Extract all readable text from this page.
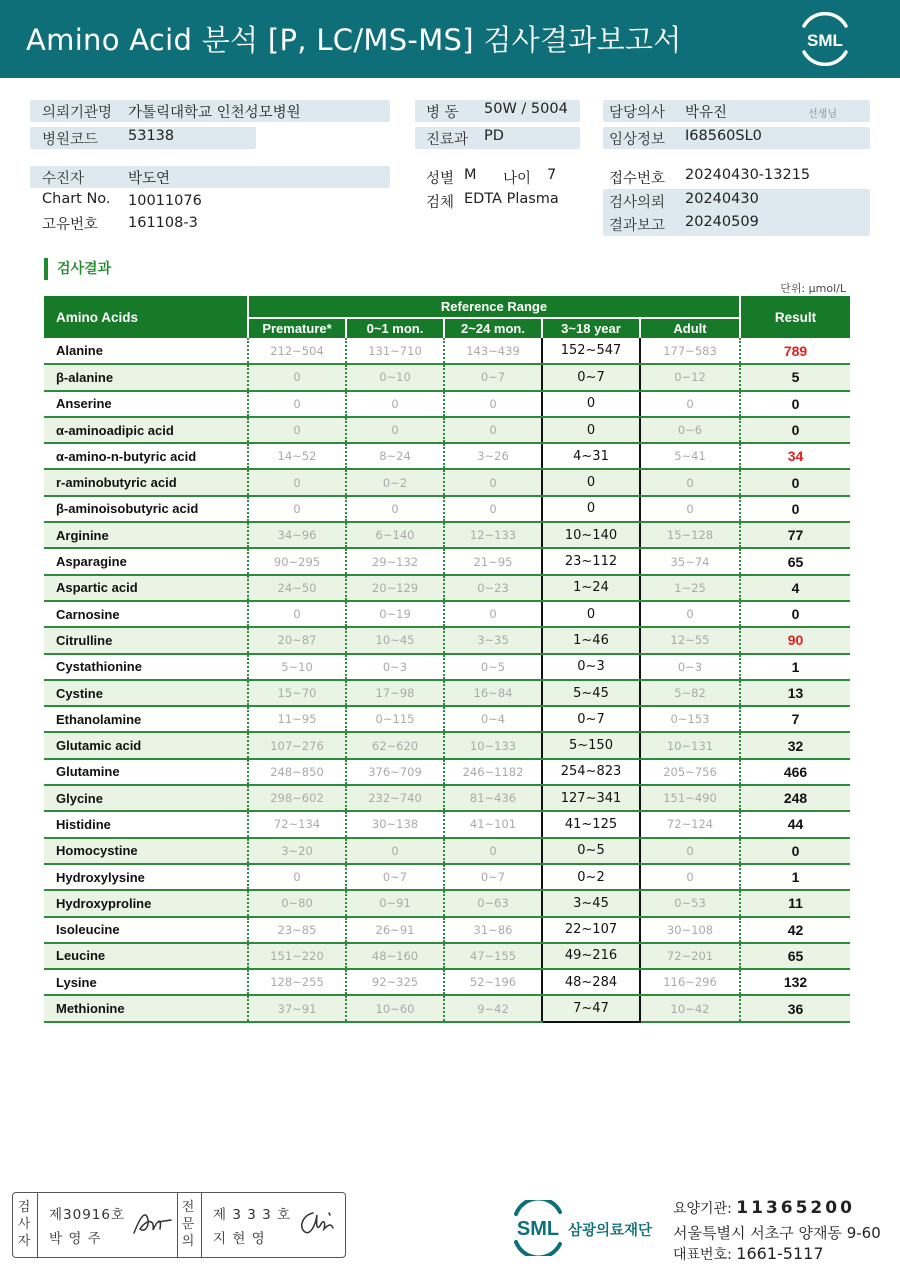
Amino Acid 분석 [P, LC/MS-MS] 검사결과보고서	SML
의뢰기관명 가톨릭대학교 인천성모병원
병원코드 53138
병 동 50W / 5004
진료과 PD
담당의사 박유진	선생님
임상정보 I68560SL0
수진자	박도연
Chart No. 10011076
고유번호 161108-3
성별 M 나이 7
검체 EDTA Plasma
접수번호 20240430-13215
검사의뢰 20240430
결과보고 20240509
검사결과
단위: μmol/L
Amino Acids	Reference Range					Result
	Premature*	0~1 mon.	2~24 mon.	3~18 year	Adult	
Alanine	212~504	131~710	143~439	152~547	177~583	789
β-alanine	0	0~10	0~7	0~7	0~12	5
Anserine	0	0	0	0	0	0
α-aminoadipic acid	0	0	0	0	0~6	0
α-amino-n-butyric acid	14~52	8~24	3~26	4~31	5~41	34
r-aminobutyric acid	0	0~2	0	0	0	0
β-aminoisobutyric acid	0	0	0	0	0	0
Arginine	34~96	6~140	12~133	10~140	15~128	77
Asparagine	90~295	29~132	21~95	23~112	35~74	65
Aspartic acid	24~50	20~129	0~23	1~24	1~25	4
Carnosine	0	0~19	0	0	0	0
Citrulline	20~87	10~45	3~35	1~46	12~55	90
Cystathionine	5~10	0~3	0~5	0~3	0~3	1
Cystine	15~70	17~98	16~84	5~45	5~82	13
Ethanolamine	11~95	0~115	0~4	0~7	0~153	7
Glutamic acid	107~276	62~620	10~133	5~150	10~131	32
Glutamine	248~850	376~709	246~1182	254~823	205~756	466
Glycine	298~602	232~740	81~436	127~341	151~490	248
Histidine	72~134	30~138	41~101	41~125	72~124	44
Homocystine	3~20	0	0	0~5	0	0
Hydroxylysine	0	0~7	0~7	0~2	0	1
Hydroxyproline	0~80	0~91	0~63	3~45	0~53	11
Isoleucine	23~85	26~91	31~86	22~107	30~108	42
Leucine	151~220	48~160	47~155	49~216	72~201	65
Lysine	128~255	92~325	52~196	48~284	116~296	132
Methionine	37~91	10~60	9~42	7~47	10~42	36
검사자
제30916호
박 영 주
전문의
제 3 3 3 호
지 현 영	SML 삼광의료재단
요양기관: 11365200
서울특별시 서초구 양재동 9-60
대표번호: 1661-5117
